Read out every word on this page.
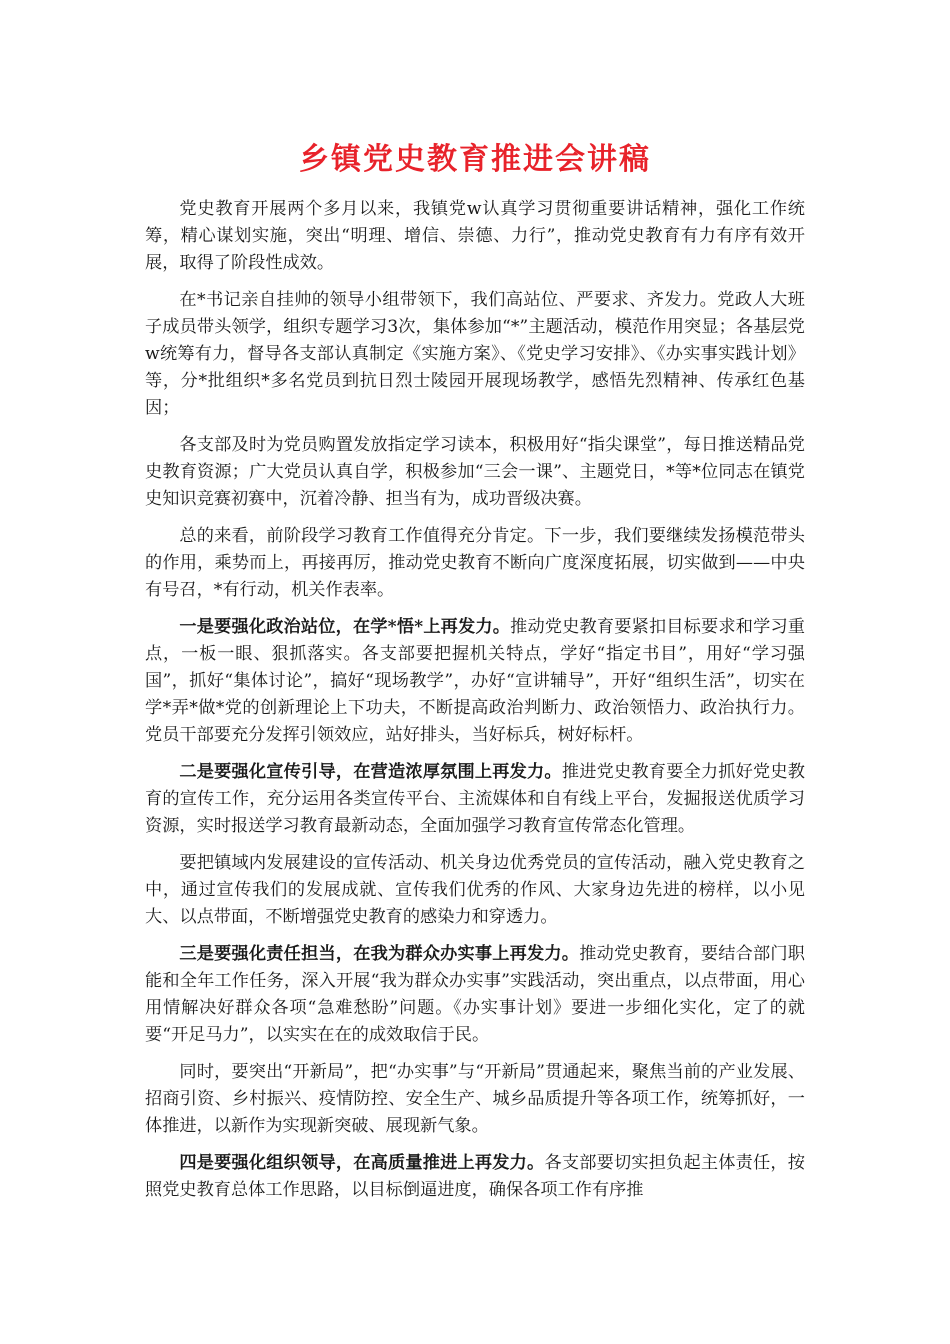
乡镇党史教育推进会讲稿

党史教育开展两个多月以来，我镇党w认真学习贯彻重要讲话精神，强化工作统筹，精心谋划实施，突出“明理、增信、崇德、力行”，推动党史教育有力有序有效开展，取得了阶段性成效。

在*书记亲自挂帅的领导小组带领下，我们高站位、严要求、齐发力。党政人大班子成员带头领学，组织专题学习3次，集体参加“*”主题活动，模范作用突显；各基层党w统筹有力，督导各支部认真制定《实施方案》、《党史学习安排》、《办实事实践计划》等，分*批组织*多名党员到抗日烈士陵园开展现场教学，感悟先烈精神、传承红色基因；

各支部及时为党员购置发放指定学习读本，积极用好“指尖课堂”，每日推送精品党史教育资源；广大党员认真自学，积极参加“三会一课”、主题党日，*等*位同志在镇党史知识竞赛初赛中，沉着冷静、担当有为，成功晋级决赛。

总的来看，前阶段学习教育工作值得充分肯定。下一步，我们要继续发扬模范带头的作用，乘势而上，再接再厉，推动党史教育不断向广度深度拓展，切实做到——中央有号召，*有行动，机关作表率。

一是要强化政治站位，在学*悟*上再发力。推动党史教育要紧扣目标要求和学习重点，一板一眼、狠抓落实。各支部要把握机关特点，学好“指定书目”，用好“学习强国”，抓好“集体讨论”，搞好“现场教学”，办好“宣讲辅导”，开好“组织生活”，切实在学*弄*做*党的创新理论上下功夫，不断提高政治判断力、政治领悟力、政治执行力。党员干部要充分发挥引领效应，站好排头，当好标兵，树好标杆。

二是要强化宣传引导，在营造浓厚氛围上再发力。推进党史教育要全力抓好党史教育的宣传工作，充分运用各类宣传平台、主流媒体和自有线上平台，发掘报送优质学习资源，实时报送学习教育最新动态，全面加强学习教育宣传常态化管理。

要把镇域内发展建设的宣传活动、机关身边优秀党员的宣传活动，融入党史教育之中，通过宣传我们的发展成就、宣传我们优秀的作风、大家身边先进的榜样，以小见大、以点带面，不断增强党史教育的感染力和穿透力。

三是要强化责任担当，在我为群众办实事上再发力。推动党史教育，要结合部门职能和全年工作任务，深入开展“我为群众办实事”实践活动，突出重点，以点带面，用心用情解决好群众各项“急难愁盼”问题。《办实事计划》要进一步细化实化，定了的就要“开足马力”，以实实在在的成效取信于民。

同时，要突出“开新局”，把“办实事”与“开新局”贯通起来，聚焦当前的产业发展、招商引资、乡村振兴、疫情防控、安全生产、城乡品质提升等各项工作，统筹抓好，一体推进，以新作为实现新突破、展现新气象。

四是要强化组织领导，在高质量推进上再发力。各支部要切实担负起主体责任，按照党史教育总体工作思路，以目标倒逼进度，确保各项工作有序推
